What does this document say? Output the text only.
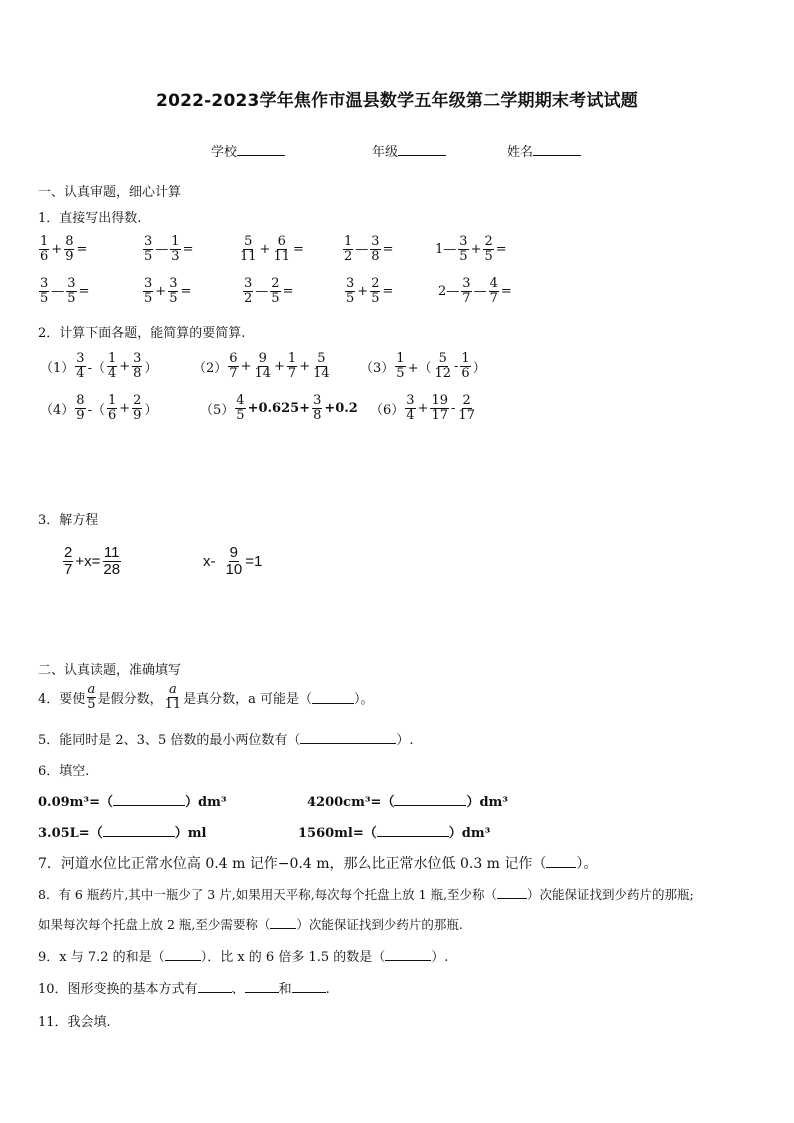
2022-2023学年焦作市温县数学五年级第二学期期末考试试题
学校	年级	姓名
一、认真审题，细心计算
1．直接写出得数.
$\frac{1}{6} + \frac{8}{9}$ =	$\frac{3}{5}$ — $\frac{1}{3}$ =	$\frac{5}{11} + \frac{6}{11}$ =	$\frac{1}{2}$ — $\frac{3}{8}$ =	1— $\frac{3}{5} + \frac{2}{5}$ =
$\frac{3}{5}$ — $\frac{3}{5}$ =	$\frac{3}{5} + \frac{3}{5}$ =	$\frac{3}{2}$ — $\frac{2}{5}$ =	$\frac{3}{5} + \frac{2}{5}$ =	2— $\frac{3}{7}$ — $\frac{4}{7}$ =
2．计算下面各题，能简算的要简算.
$(1) \frac{3}{4}$ -（ $\frac{1}{4} + \frac{3}{8}$ ）	$(2) \frac{6}{7} + \frac{9}{14} + \frac{1}{7} + \frac{5}{14} (3) \frac{1}{5}$ +（ $\frac{5}{12} - \frac{1}{6}$ ）
$(4) \frac{8}{9}$ -（ $\frac{1}{6} + \frac{2}{9}$ ）	$(5) \frac{4}{5} +0.625+ \frac{3}{8} +0.2$ $(6) \frac{3}{4} + \frac{19}{17} - \frac{2}{17}$
3．解方程
$\frac{2}{7} +x= \frac{11}{28}$	$x- \frac{9}{10} =1$
二、认真读题，准确填写
4．要使 $\frac{a}{5}$ 是假分数， $\frac{a}{11}$ 是真分数，a 可能是（	）。
5．能同时是 2、3、5 倍数的最小两位数有（	）.
6．填空.
0.09m³=（	）dm³	4200cm³=（	）dm³
3.05L=（	）ml	1560ml=（	）dm³
7．河道水位比正常水位高 0.4 m 记作−0.4 m，那么比正常水位低 0.3 m 记作（ ）。
8．有 6 瓶药片,其中一瓶少了 3 片,如果用天平称,每次每个托盘上放 1 瓶,至少称（ ）次能保证找到少药片的那瓶;
如果每次每个托盘上放 2 瓶,至少需要称（ ）次能保证找到少药片的那瓶.
9．x 与 7.2 的和是（	）．比 x 的 6 倍多 1.5 的数是（	）.
10．图形变换的基本方式有	、	和	.
11．我会填.
